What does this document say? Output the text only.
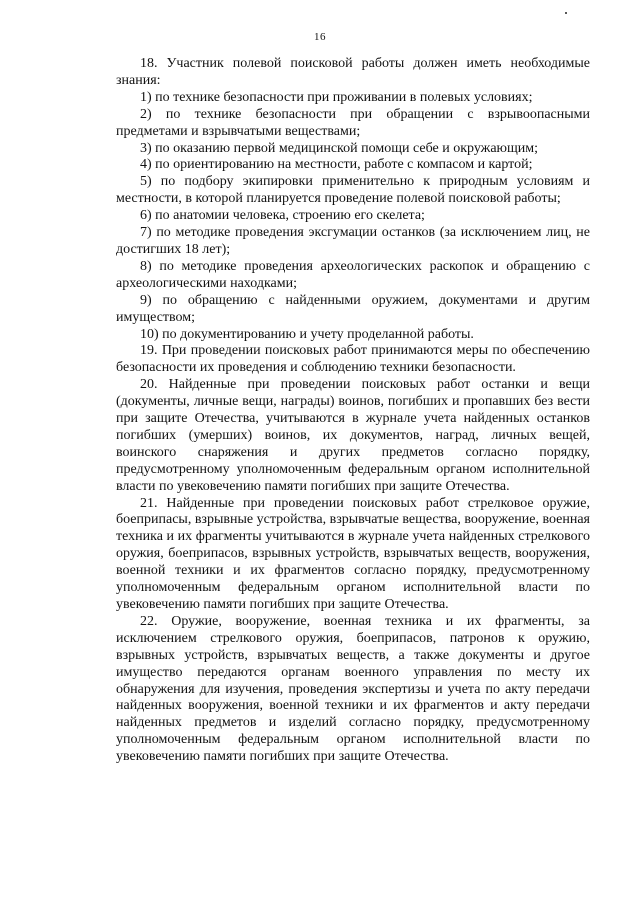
16

18. Участник полевой поисковой работы должен иметь необходимые знания:

1) по технике безопасности при проживании в полевых условиях;

2) по технике безопасности при обращении с взрывоопасными предметами и взрывчатыми веществами;

3) по оказанию первой медицинской помощи себе и окружающим;

4) по ориентированию на местности, работе с компасом и картой;

5) по подбору экипировки применительно к природным условиям и местности, в которой планируется проведение полевой поисковой работы;

6) по анатомии человека, строению его скелета;

7) по методике проведения эксгумации останков (за исключением лиц, не достигших 18 лет);

8) по методике проведения археологических раскопок и обращению с археологическими находками;

9) по обращению с найденными оружием, документами и другим имуществом;

10) по документированию и учету проделанной работы.

19. При проведении поисковых работ принимаются меры по обеспечению безопасности их проведения и соблюдению техники безопасности.

20. Найденные при проведении поисковых работ останки и вещи (документы, личные вещи, награды) воинов, погибших и пропавших без вести при защите Отечества, учитываются в журнале учета найденных останков погибших (умерших) воинов, их документов, наград, личных вещей, воинского снаряжения и других предметов согласно порядку, предусмотренному уполномоченным федеральным органом исполнительной власти по увековечению памяти погибших при защите Отечества.

21. Найденные при проведении поисковых работ стрелковое оружие, боеприпасы, взрывные устройства, взрывчатые вещества, вооружение, военная техника и их фрагменты учитываются в журнале учета найденных стрелкового оружия, боеприпасов, взрывных устройств, взрывчатых веществ, вооружения, военной техники и их фрагментов согласно порядку, предусмотренному уполномоченным федеральным органом исполнительной власти по увековечению памяти погибших при защите Отечества.

22. Оружие, вооружение, военная техника и их фрагменты, за исключением стрелкового оружия, боеприпасов, патронов к оружию, взрывных устройств, взрывчатых веществ, а также документы и другое имущество передаются органам военного управления по месту их обнаружения для изучения, проведения экспертизы и учета по акту передачи найденных вооружения, военной техники и их фрагментов и акту передачи найденных предметов и изделий согласно порядку, предусмотренному уполномоченным федеральным органом исполнительной власти по увековечению памяти погибших при защите Отечества.
